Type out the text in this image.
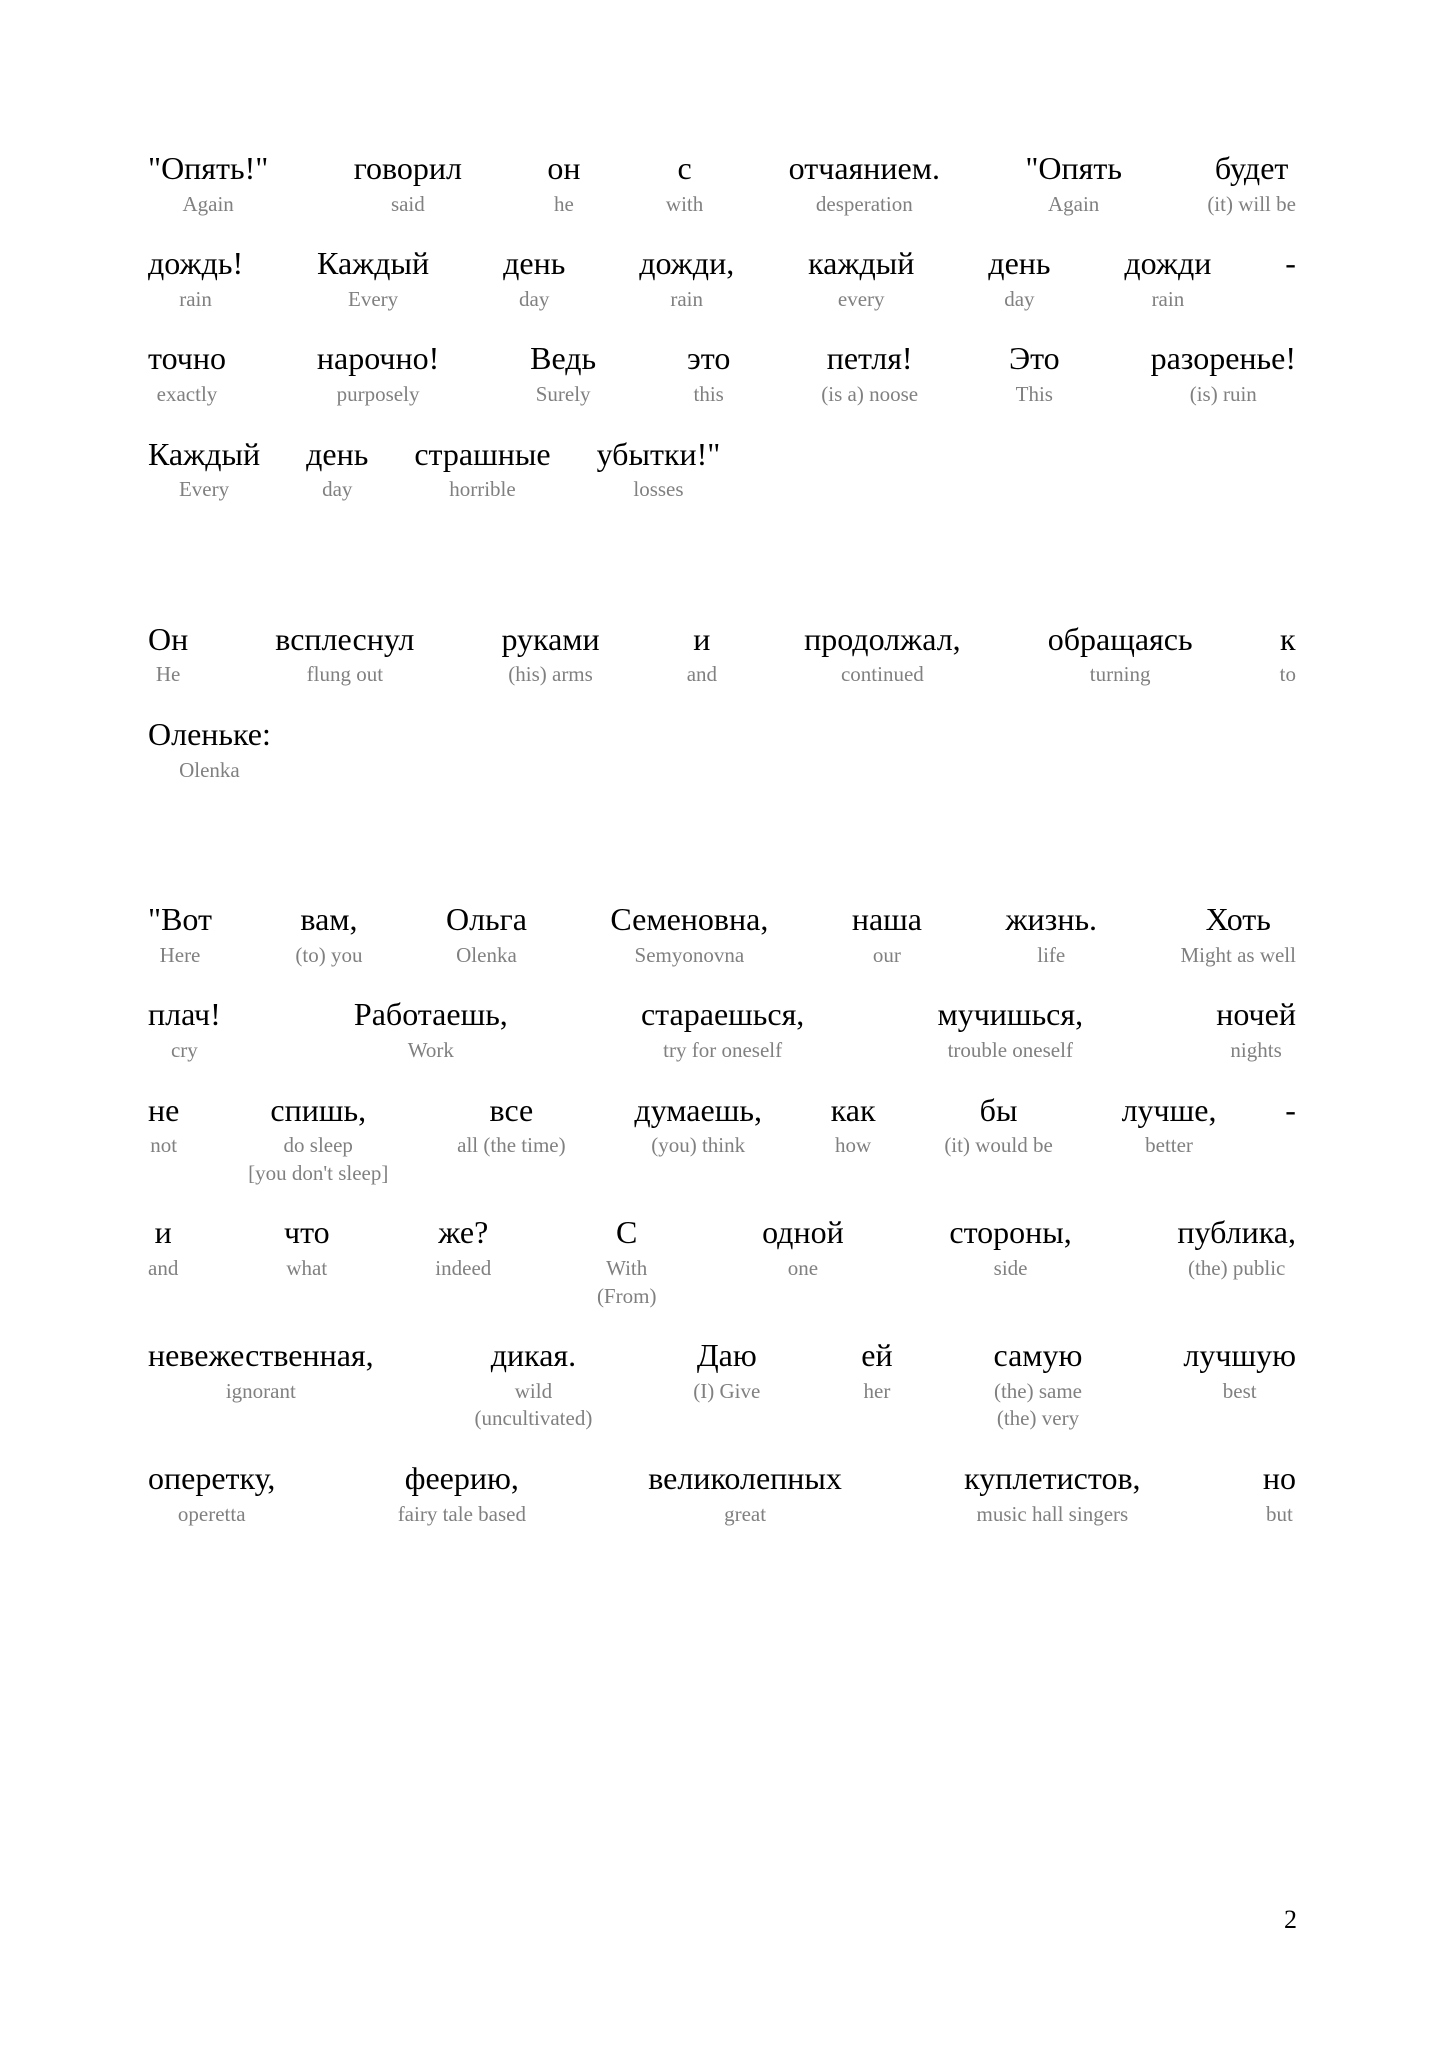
"Опять!"
Again
говорил
said
он
he
с
with
отчаянием.
desperation
"Опять
Again
будет
(it) will be
дождь!
rain
Каждый
Every
день
day
дожди,
rain
каждый
every
день
day
дожди
rain
-
точно
exactly
нарочно!
purposely
Ведь
Surely
это
this
петля!
(is a) noose
Это
This
разоренье!
(is) ruin
Каждый
Every
день
day
страшные
horrible
убытки!"
losses
Он
He
всплеснул
flung out
руками
(his) arms
и
and
продолжал,
continued
обращаясь
turning
к
to
Оленьке:
Olenka
"Вот
Here
вам,
(to) you
Ольга
Olenka
Семеновна,
Semyonovna
наша
our
жизнь.
life
Хоть
Might as well
плач!
cry
Работаешь,
Work
стараешься,
try for oneself
мучишься,
trouble oneself
ночей
nights
не
not
спишь,
do sleep
[you don't sleep]
все
all (the time)
думаешь,
(you) think
как
how
бы
(it) would be
лучше,
better
-
и
and
что
what
же?
indeed
С
With
(From)
одной
one
стороны,
side
публика,
(the) public
невежественная,
ignorant
дикая.
wild
(uncultivated)
Даю
(I) Give
ей
her
самую
(the) same
(the) very
лучшую
best
оперетку,
operetta
феерию,
fairy tale based
великолепных
great
куплетистов,
music hall singers
но
but
2
